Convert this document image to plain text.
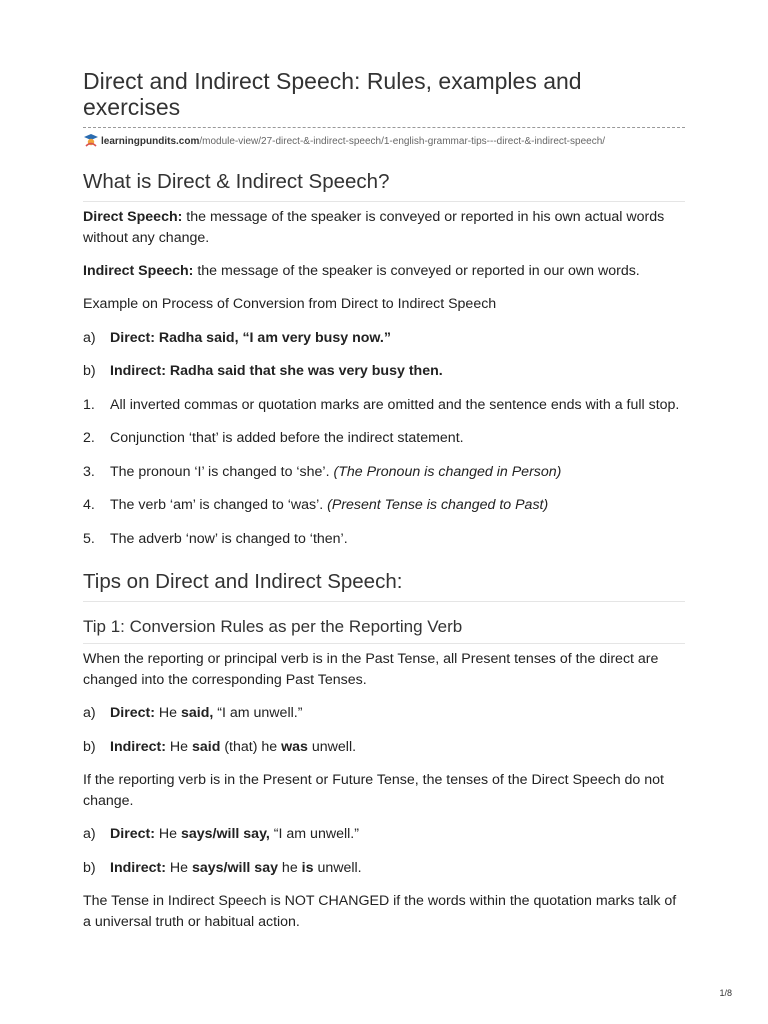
Direct and Indirect Speech: Rules, examples and exercises
learningpundits.com/module-view/27-direct-&-indirect-speech/1-english-grammar-tips---direct-&-indirect-speech/
What is Direct & Indirect Speech?

Direct Speech: the message of the speaker is conveyed or reported in his own actual words without any change.

Indirect Speech: the message of the speaker is conveyed or reported in our own words.

Example on Process of Conversion from Direct to Indirect Speech

a) Direct: Radha said, “I am very busy now.”

b) Indirect: Radha said that she was very busy then.

1. All inverted commas or quotation marks are omitted and the sentence ends with a full stop.

2. Conjunction ‘that’ is added before the indirect statement.

3. The pronoun ‘I’ is changed to ‘she’. (The Pronoun is changed in Person)

4. The verb ‘am’ is changed to ‘was’. (Present Tense is changed to Past)

5. The adverb ‘now’ is changed to ‘then’.

Tips on Direct and Indirect Speech:
Tip 1: Conversion Rules as per the Reporting Verb

When the reporting or principal verb is in the Past Tense, all Present tenses of the direct are changed into the corresponding Past Tenses.

a) Direct: He said, “I am unwell.”

b) Indirect: He said (that) he was unwell.

If the reporting verb is in the Present or Future Tense, the tenses of the Direct Speech do not change.

a) Direct: He says/will say, “I am unwell.”

b) Indirect: He says/will say he is unwell.

The Tense in Indirect Speech is NOT CHANGED if the words within the quotation marks talk of a universal truth or habitual action.

1/8
